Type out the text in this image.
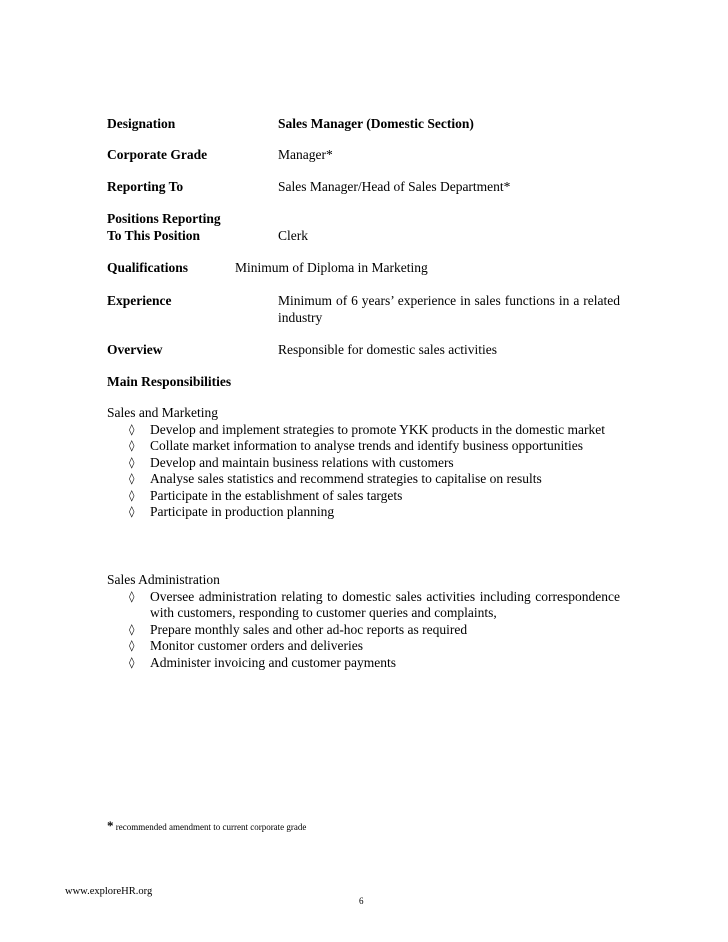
Designation	Sales Manager (Domestic Section)
Corporate Grade	Manager*
Reporting To	Sales Manager/Head of Sales Department*
Positions Reporting
To This Position	Clerk
Qualifications	Minimum of Diploma in Marketing
Experience	Minimum of 6 years’ experience in sales functions in a related industry
Overview	Responsible for domestic sales activities
Main Responsibilities
Sales and Marketing
◊ Develop and implement strategies to promote YKK products in the domestic market
◊ Collate market information to analyse trends and identify business opportunities
◊ Develop and maintain business relations with customers
◊ Analyse sales statistics and recommend strategies to capitalise on results
◊ Participate in the establishment of sales targets
◊ Participate in production planning
Sales Administration
◊ Oversee administration relating to domestic sales activities including correspondence with customers, responding to customer queries and complaints,
◊ Prepare monthly sales and other ad-hoc reports as required
◊ Monitor customer orders and deliveries
◊ Administer invoicing and customer payments
* recommended amendment to current corporate grade
www.exploreHR.org
6
